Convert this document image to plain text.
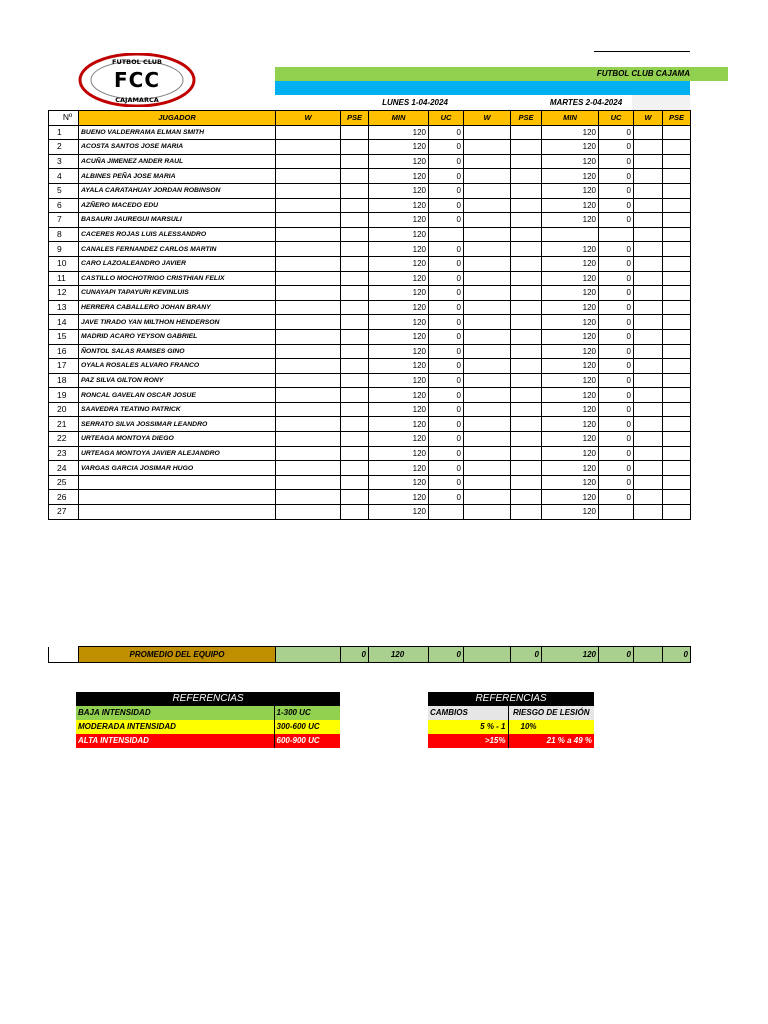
FCC
FUTBOL CLUB
CAJAMARCA
FUTBOL CLUB CAJAMA
LUNES 1-04-2024	MARTES 2-04-2024
Nº	JUGADOR	W	PSE	MIN	UC	W	PSE	MIN	UC	W	PSE
1	BUENO VALDERRAMA ELMAN SMITH			120	0			120	0		
2	ACOSTA SANTOS JOSE MARIA			120	0			120	0		
3	ACUÑA JIMENEZ ANDER RAUL			120	0			120	0		
4	ALBINES PEÑA JOSE MARIA			120	0			120	0		
5	AYALA CARATAHUAY JORDAN ROBINSON			120	0			120	0		
6	AZÑERO MACEDO EDU			120	0			120	0		
7	BASAURI JAUREGUI MARSULI			120	0			120	0		
8	CACERES ROJAS LUIS ALESSANDRO			120							
9	CANALES FERNANDEZ CARLOS MARTIN			120	0			120	0		
10	CARO LAZOALEANDRO JAVIER			120	0			120	0		
11	CASTILLO MOCHOTRIGO CRISTHIAN FELIX			120	0			120	0		
12	CUNAYAPI TAPAYURI KEVINLUIS			120	0			120	0		
13	HERRERA CABALLERO JOHAN BRANY			120	0			120	0		
14	JAVE TIRADO YAN MILTHON HENDERSON			120	0			120	0		
15	MADRID ACARO YEYSON GABRIEL			120	0			120	0		
16	ÑONTOL SALAS RAMSES GINO			120	0			120	0		
17	OYALA ROSALES ALVARO FRANCO			120	0			120	0		
18	PAZ SILVA GILTON RONY			120	0			120	0		
19	RONCAL GAVELAN OSCAR JOSUE			120	0			120	0		
20	SAAVEDRA TEATINO PATRICK			120	0			120	0		
21	SERRATO SILVA JOSSIMAR LEANDRO			120	0			120	0		
22	URTEAGA MONTOYA DIEGO			120	0			120	0		
23	URTEAGA MONTOYA JAVIER ALEJANDRO			120	0			120	0		
24	VARGAS GARCIA JOSIMAR HUGO			120	0			120	0		
25				120	0			120	0		
26				120	0			120	0		
27				120				120			
	PROMEDIO DEL EQUIPO		0	120	0		0	120	0		0
REFERENCIAS	
BAJA INTENSIDAD	1-300 UC
MODERADA INTENSIDAD	300-600 UC
ALTA INTENSIDAD	600-900 UC
REFERENCIAS	
CAMBIOS	RIESGO DE LESIÓN
5 % - 1	10%
>15%	21 % a 49 %
